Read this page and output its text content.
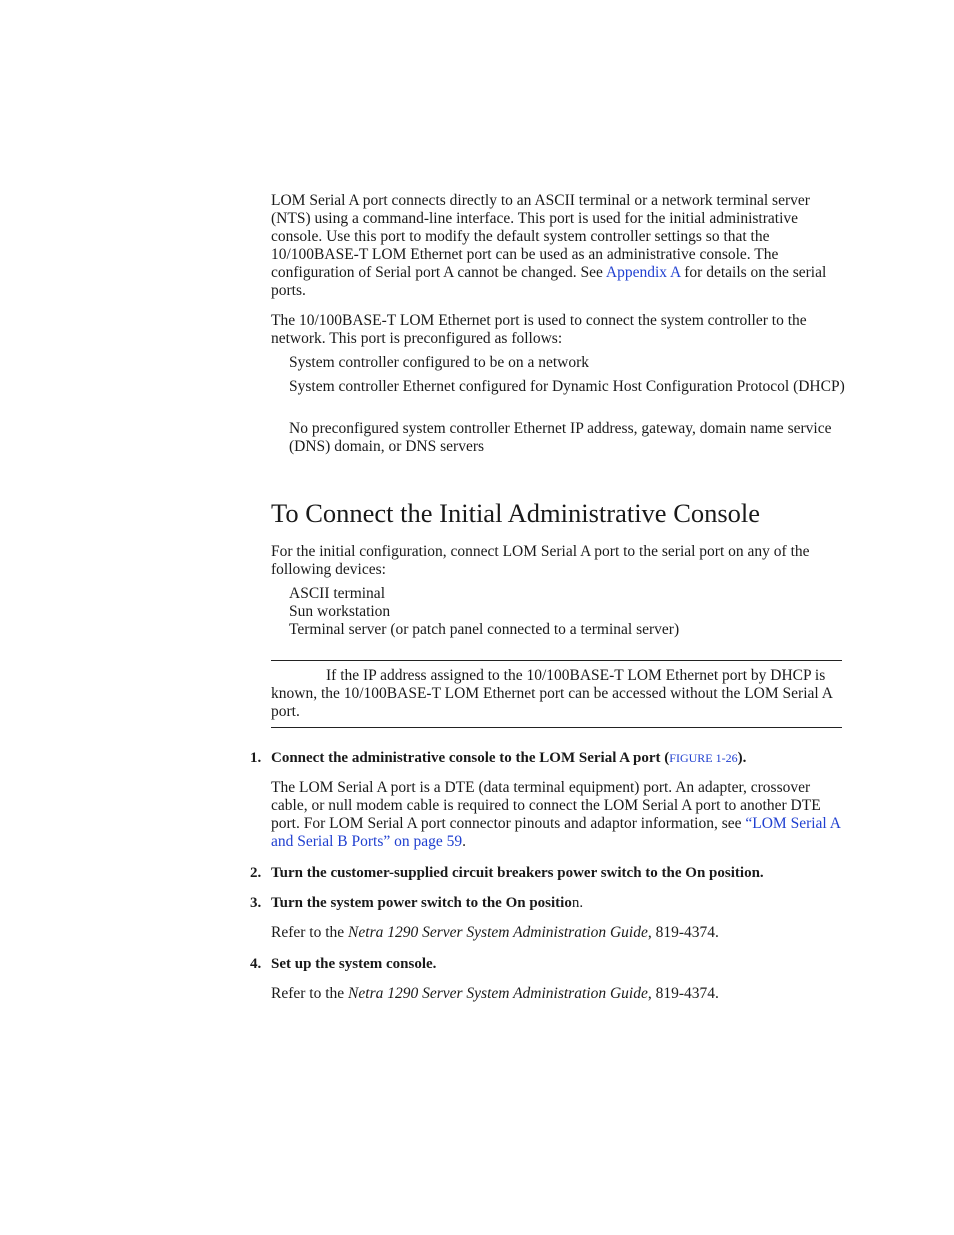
LOM Serial A port connects directly to an ASCII terminal or a network terminal server (NTS) using a command-line interface. This port is used for the initial administrative console. Use this port to modify the default system controller settings so that the 10/100BASE-T LOM Ethernet port can be used as an administrative console. The configuration of Serial port A cannot be changed. See Appendix A for details on the serial ports.

The 10/100BASE-T LOM Ethernet port is used to connect the system controller to the network. This port is preconfigured as follows:

System controller configured to be on a network

System controller Ethernet configured for Dynamic Host Configuration Protocol (DHCP)

No preconfigured system controller Ethernet IP address, gateway, domain name service (DNS) domain, or DNS servers

To Connect the Initial Administrative Console

For the initial configuration, connect LOM Serial A port to the serial port on any of the following devices:

ASCII terminal

Sun workstation

Terminal server (or patch panel connected to a terminal server)

If the IP address assigned to the 10/100BASE-T LOM Ethernet port by DHCP is known, the 10/100BASE-T LOM Ethernet port can be accessed without the LOM Serial A port.

1. Connect the administrative console to the LOM Serial A port (FIGURE 1-26).

The LOM Serial A port is a DTE (data terminal equipment) port. An adapter, crossover cable, or null modem cable is required to connect the LOM Serial A port to another DTE port. For LOM Serial A port connector pinouts and adaptor information, see “LOM Serial A and Serial B Ports” on page 59.

2. Turn the customer-supplied circuit breakers power switch to the On position.

3. Turn the system power switch to the On position.

Refer to the Netra 1290 Server System Administration Guide, 819-4374.

4. Set up the system console.

Refer to the Netra 1290 Server System Administration Guide, 819-4374.
